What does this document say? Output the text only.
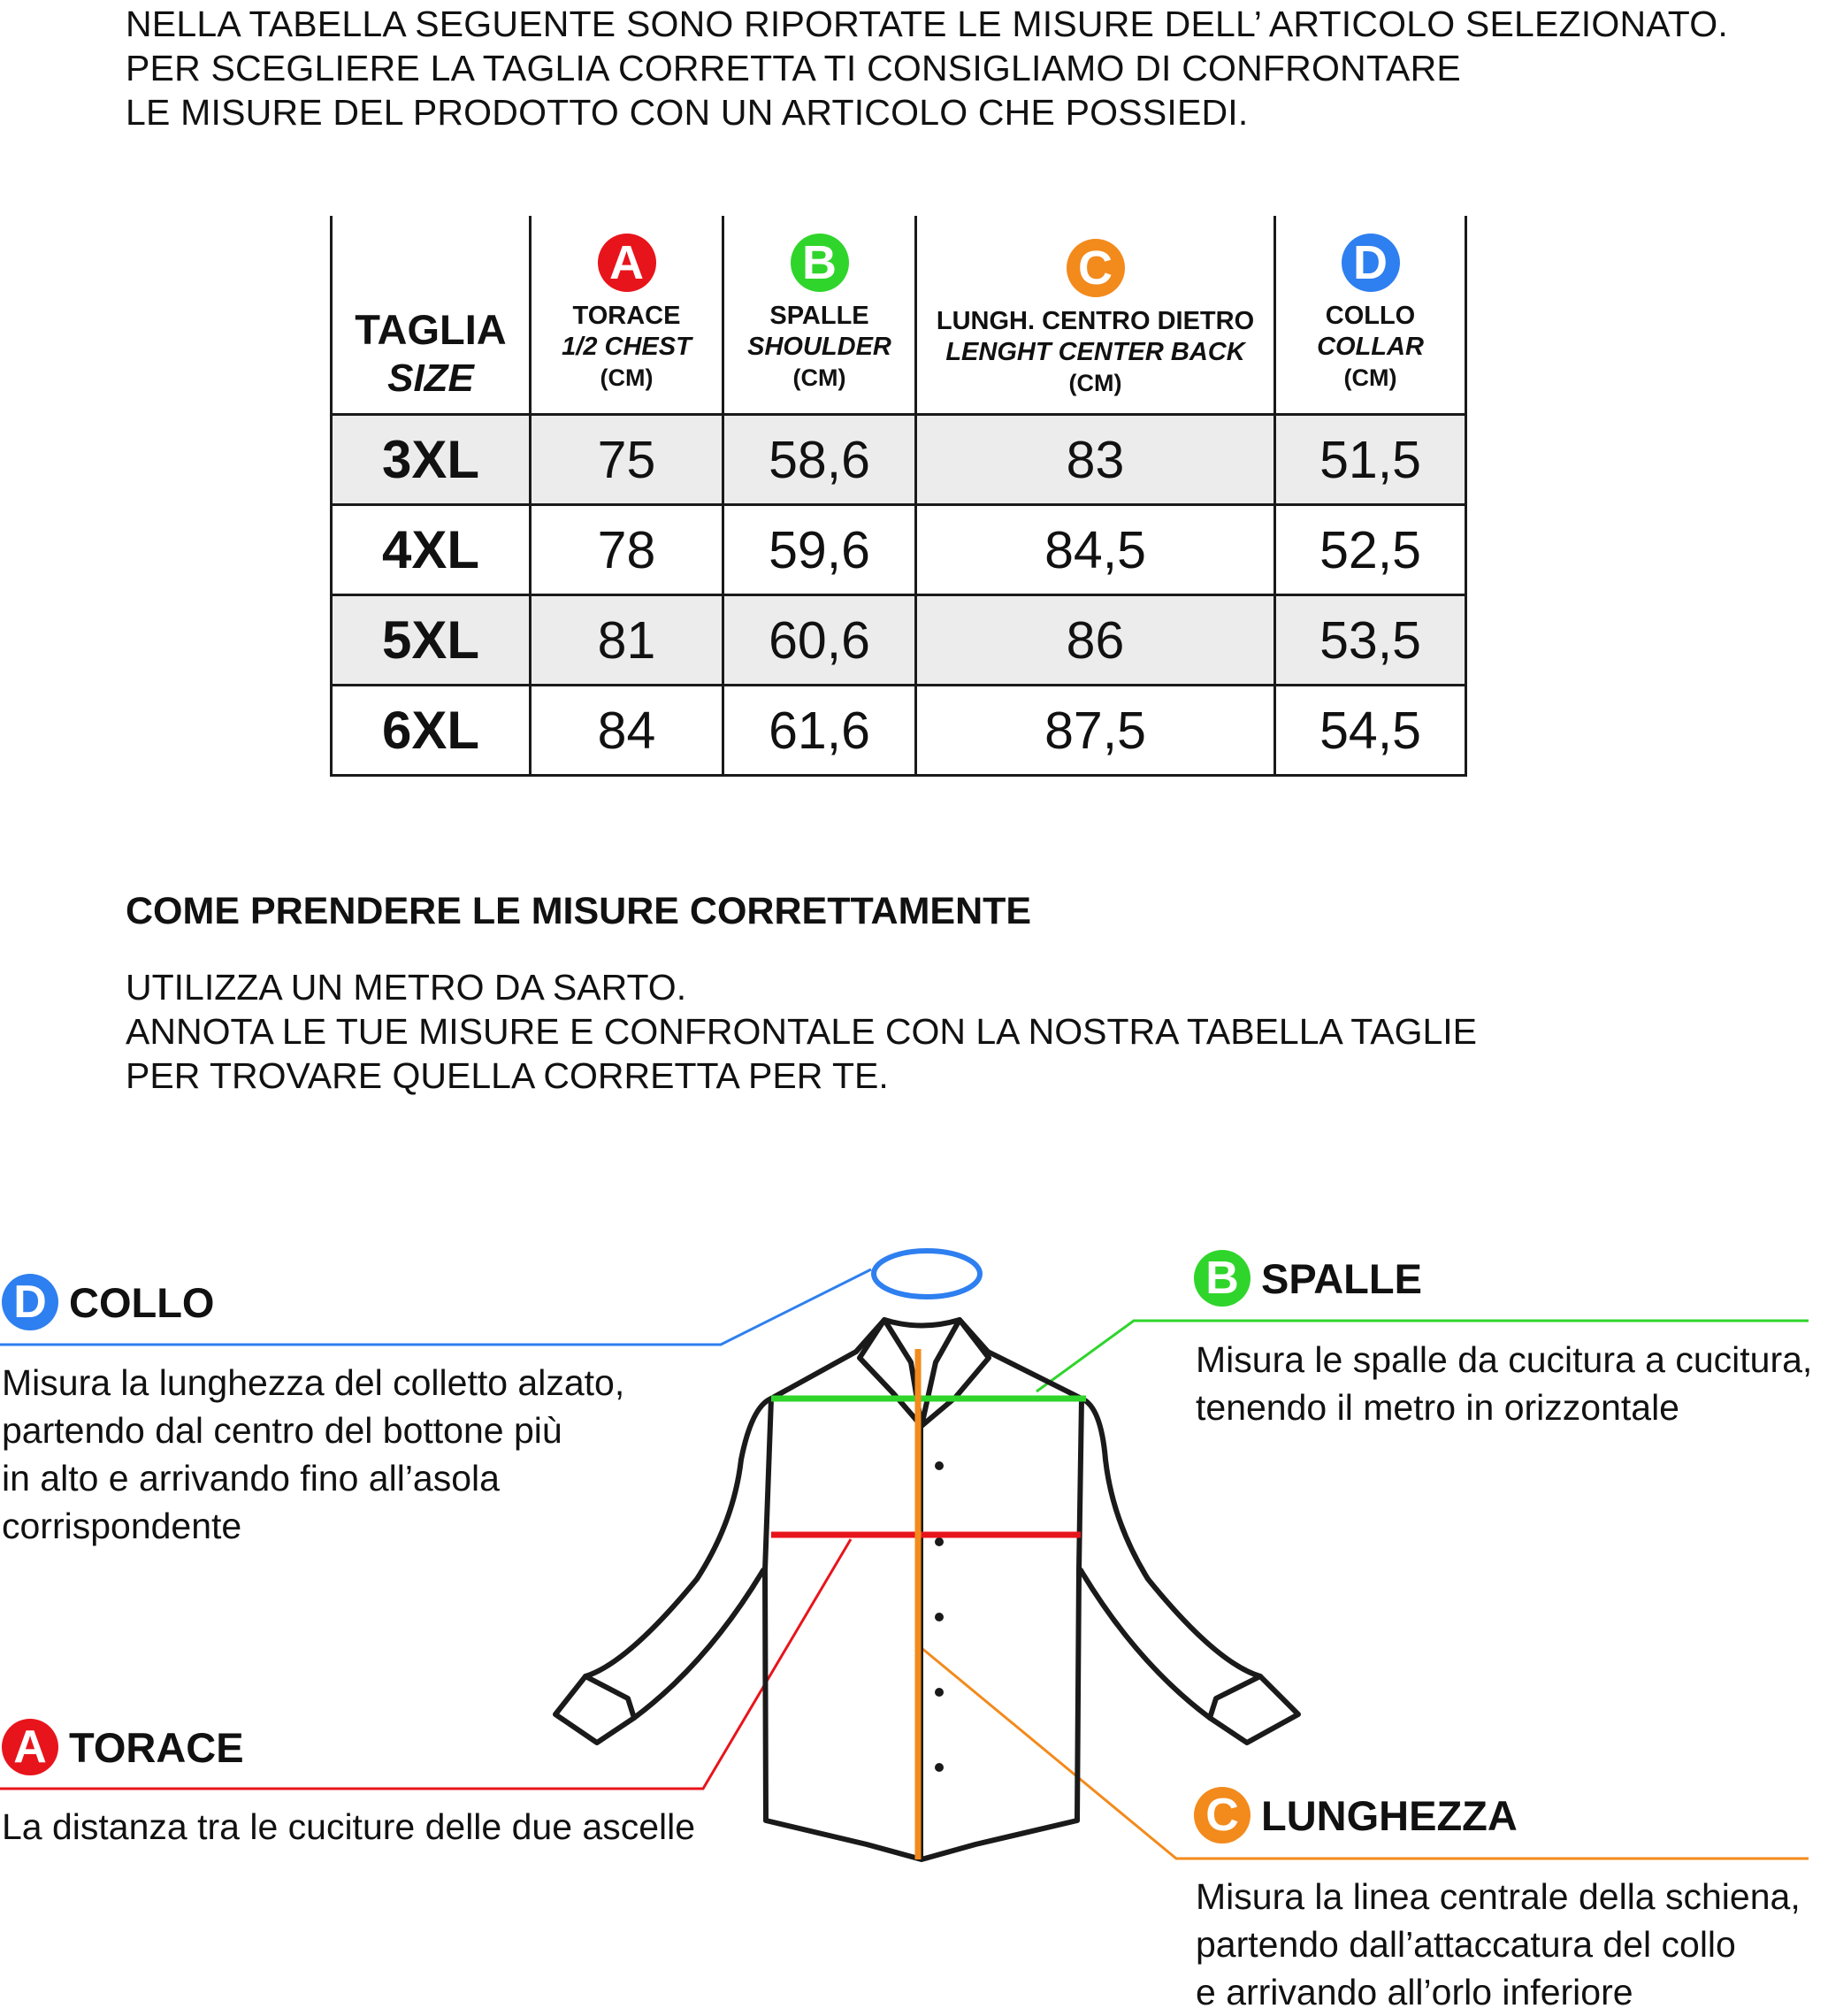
NELLA TABELLA SEGUENTE SONO RIPORTATE LE MISURE DELL’ ARTICOLO SELEZIONATO.
PER SCEGLIERE LA TAGLIA CORRETTA TI CONSIGLIAMO DI CONFRONTARE
LE MISURE DEL PRODOTTO CON UN ARTICOLO CHE POSSIEDI.
TAGLIA
SIZE	A
TORACE
1/2 CHEST
(CM)	B
SPALLE
SHOULDER
(CM)	C
LUNGH. CENTRO DIETRO
LENGHT CENTER BACK
(CM)	D
COLLO
COLLAR
(CM)

3XL	75	58,6	83	51,5
4XL	78	59,6	84,5	52,5
5XL	81	60,6	86	53,5
6XL	84	61,6	87,5	54,5
COME PRENDERE LE MISURE CORRETTAMENTE
UTILIZZA UN METRO DA SARTO.
ANNOTA LE TUE MISURE E CONFRONTALE CON LA NOSTRA TABELLA TAGLIE
PER TROVARE QUELLA CORRETTA PER TE.
D COLLO
Misura la lunghezza del colletto alzato,
partendo dal centro del bottone più
in alto e arrivando fino all’asola
corrispondente
A TORACE
La distanza tra le cuciture delle due ascelle
B SPALLE
Misura le spalle da cucitura a cucitura,
tenendo il metro in orizzontale
C LUNGHEZZA
Misura la linea centrale della schiena,
partendo dall’attaccatura del collo
e arrivando all’orlo inferiore
